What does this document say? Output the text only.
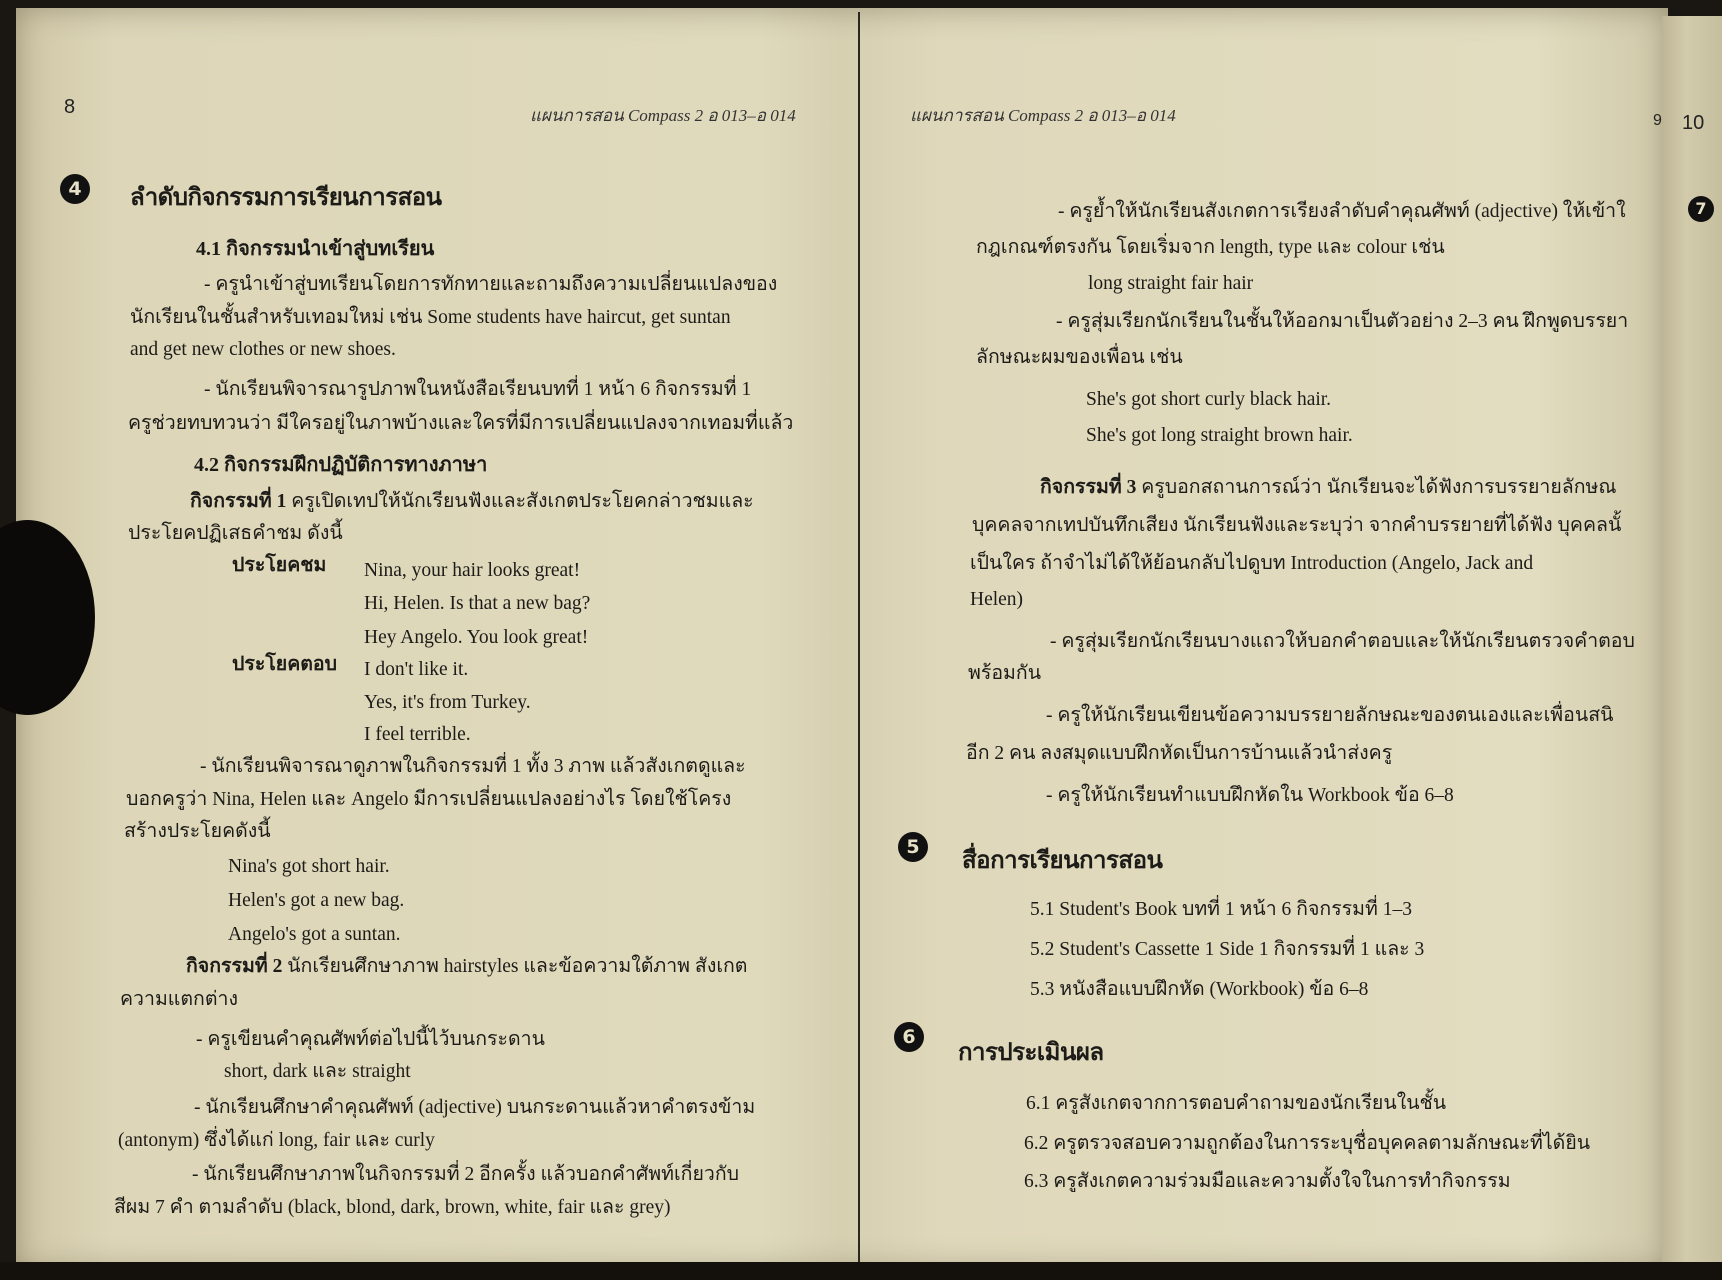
8	แผนการสอน Compass 2 อ 013–อ 014
4	ลำดับกิจกรรมการเรียนการสอน
4.1 กิจกรรมนำเข้าสู่บทเรียน
- ครูนำเข้าสู่บทเรียนโดยการทักทายและถามถึงความเปลี่ยนแปลงของ
นักเรียนในชั้นสำหรับเทอมใหม่ เช่น Some students have haircut, get suntan
and get new clothes or new shoes.
- นักเรียนพิจารณารูปภาพในหนังสือเรียนบทที่ 1 หน้า 6 กิจกรรมที่ 1
ครูช่วยทบทวนว่า มีใครอยู่ในภาพบ้างและใครที่มีการเปลี่ยนแปลงจากเทอมที่แล้ว
4.2 กิจกรรมฝึกปฏิบัติการทางภาษา
กิจกรรมที่ 1 ครูเปิดเทปให้นักเรียนฟังและสังเกตประโยคกล่าวชมและ
ประโยคปฏิเสธคำชม ดังนี้
ประโยคชม Nina, your hair looks great!
Hi, Helen. Is that a new bag?
Hey Angelo. You look great!
ประโยคตอบ I don't like it.
Yes, it's from Turkey.
I feel terrible.
- นักเรียนพิจารณาดูภาพในกิจกรรมที่ 1 ทั้ง 3 ภาพ แล้วสังเกตดูและ
บอกครูว่า Nina, Helen และ Angelo มีการเปลี่ยนแปลงอย่างไร โดยใช้โครง
สร้างประโยคดังนี้
Nina's got short hair.
Helen's got a new bag.
Angelo's got a suntan.
กิจกรรมที่ 2 นักเรียนศึกษาภาพ hairstyles และข้อความใต้ภาพ สังเกต
ความแตกต่าง
- ครูเขียนคำคุณศัพท์ต่อไปนี้ไว้บนกระดาน
short, dark และ straight
- นักเรียนศึกษาคำคุณศัพท์ (adjective) บนกระดานแล้วหาคำตรงข้าม
(antonym) ซึ่งได้แก่ long, fair และ curly
- นักเรียนศึกษาภาพในกิจกรรมที่ 2 อีกครั้ง แล้วบอกคำศัพท์เกี่ยวกับ
สีผม 7 คำ ตามลำดับ (black, blond, dark, brown, white, fair และ grey)
แผนการสอน Compass 2 อ 013–อ 014	9 10
7
- ครูย้ำให้นักเรียนสังเกตการเรียงลำดับคำคุณศัพท์ (adjective) ให้เข้าใ
กฎเกณฑ์ตรงกัน โดยเริ่มจาก length, type และ colour เช่น
long straight fair hair
- ครูสุ่มเรียกนักเรียนในชั้นให้ออกมาเป็นตัวอย่าง 2–3 คน ฝึกพูดบรรยา
ลักษณะผมของเพื่อน เช่น
She's got short curly black hair.
She's got long straight brown hair.
กิจกรรมที่ 3 ครูบอกสถานการณ์ว่า นักเรียนจะได้ฟังการบรรยายลักษณ
บุคคลจากเทปบันทึกเสียง นักเรียนฟังและระบุว่า จากคำบรรยายที่ได้ฟัง บุคคลนั้
เป็นใคร ถ้าจำไม่ได้ให้ย้อนกลับไปดูบท Introduction (Angelo, Jack and
Helen)
- ครูสุ่มเรียกนักเรียนบางแถวให้บอกคำตอบและให้นักเรียนตรวจคำตอบ
พร้อมกัน
- ครูให้นักเรียนเขียนข้อความบรรยายลักษณะของตนเองและเพื่อนสนิ
อีก 2 คน ลงสมุดแบบฝึกหัดเป็นการบ้านแล้วนำส่งครู
- ครูให้นักเรียนทำแบบฝึกหัดใน Workbook ข้อ 6–8
5	สื่อการเรียนการสอน
5.1 Student's Book บทที่ 1 หน้า 6 กิจกรรมที่ 1–3
5.2 Student's Cassette 1 Side 1 กิจกรรมที่ 1 และ 3
5.3 หนังสือแบบฝึกหัด (Workbook) ข้อ 6–8
6
การประเมินผล
6.1 ครูสังเกตจากการตอบคำถามของนักเรียนในชั้น
6.2 ครูตรวจสอบความถูกต้องในการระบุชื่อบุคคลตามลักษณะที่ได้ยิน
6.3 ครูสังเกตความร่วมมือและความตั้งใจในการทำกิจกรรม
